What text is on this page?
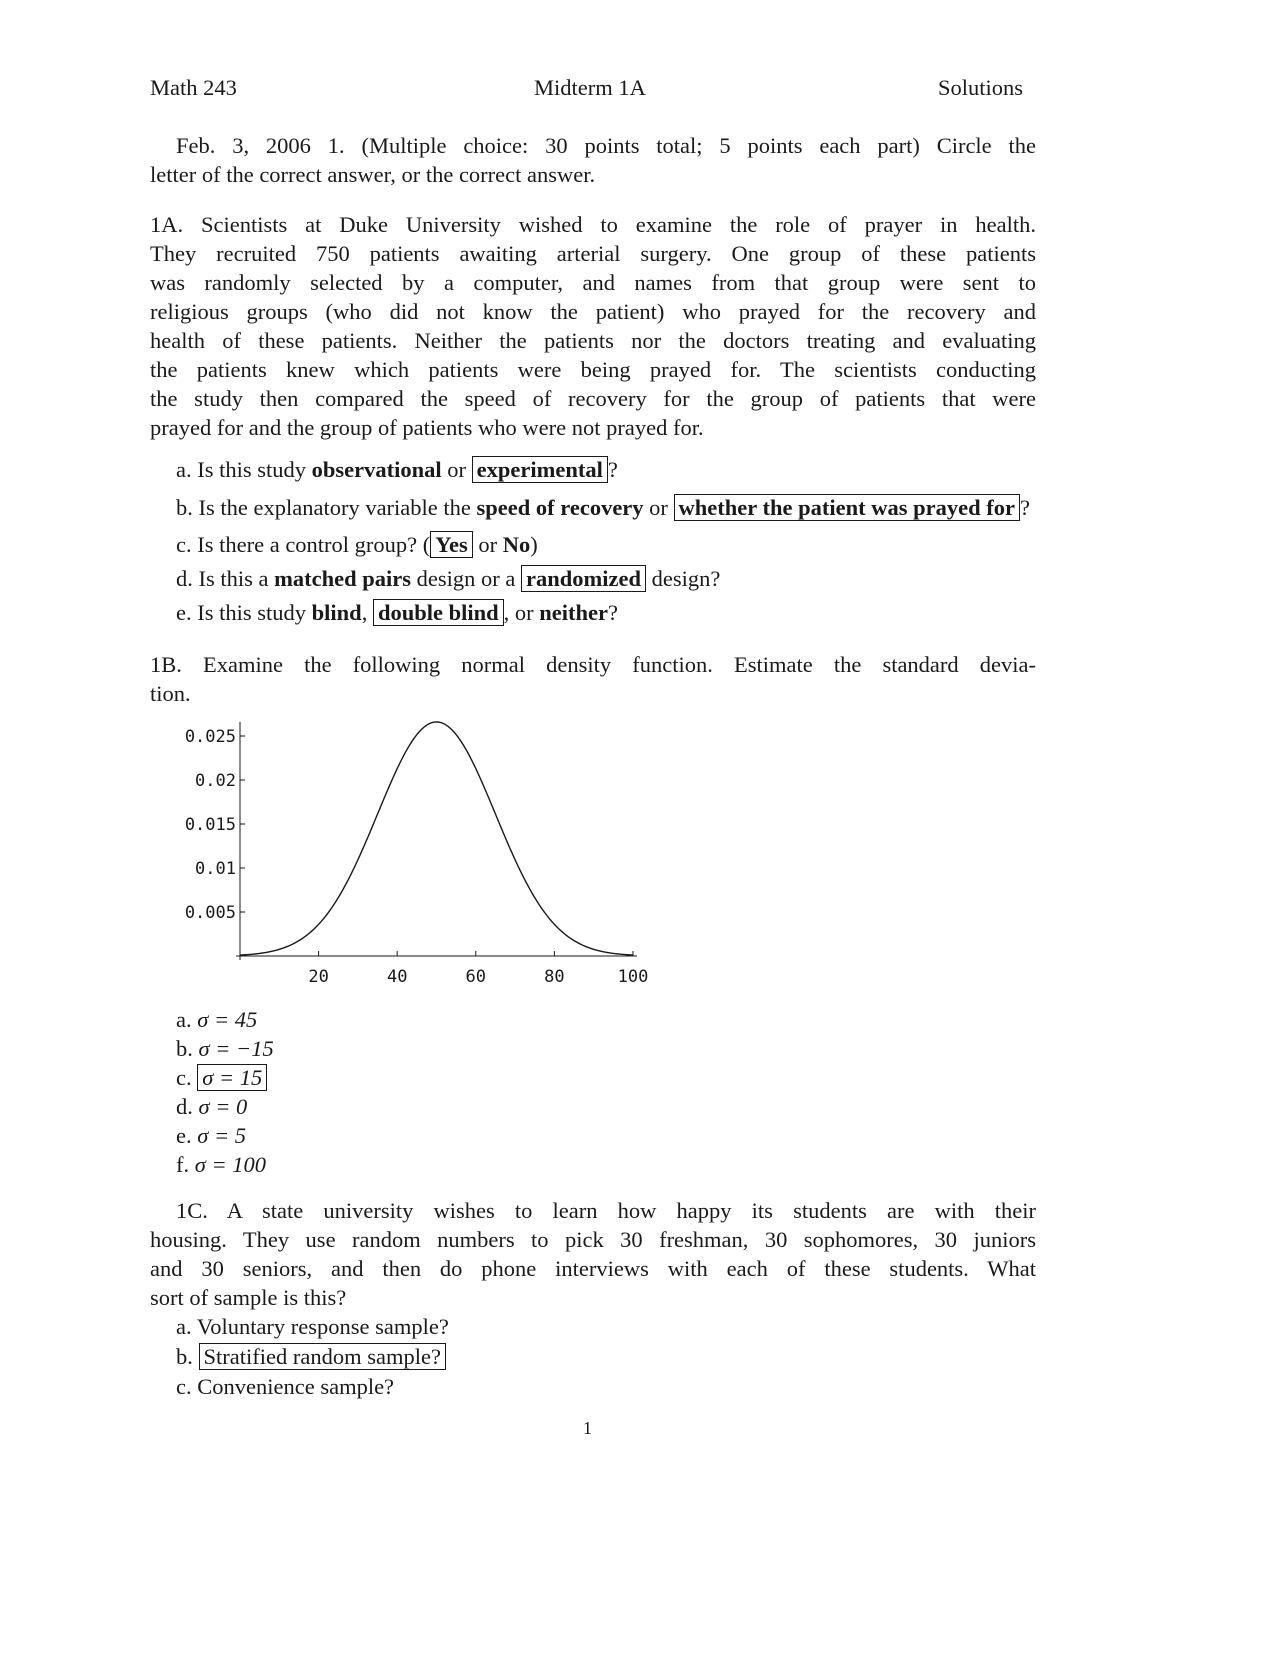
Math 243	Midterm 1A	Solutions
Feb. 3, 2006 1. (Multiple choice: 30 points total; 5 points each part) Circle the
letter of the correct answer, or the correct answer.
1A. Scientists at Duke University wished to examine the role of prayer in health.
They recruited 750 patients awaiting arterial surgery. One group of these patients
was randomly selected by a computer, and names from that group were sent to
religious groups (who did not know the patient) who prayed for the recovery and
health of these patients. Neither the patients nor the doctors treating and evaluating
the patients knew which patients were being prayed for. The scientists conducting
the study then compared the speed of recovery for the group of patients that were
prayed for and the group of patients who were not prayed for.
a. Is this study observational or experimental ?
b. Is the explanatory variable the speed of recovery or whether the patient was prayed for ?
c. Is there a control group? ( Yes or No)
d. Is this a matched pairs design or a randomized design?
e. Is this study blind, double blind , or neither?
1B. Examine the following normal density function. Estimate the standard devia-
tion.
0.005
0.01
0.015
0.02
0.025
20	40	60	80	100
a. σ = 45
b. σ = −15
c. σ = 15
d. σ = 0
e. σ = 5
f. σ = 100
1C. A state university wishes to learn how happy its students are with their
housing. They use random numbers to pick 30 freshman, 30 sophomores, 30 juniors
and 30 seniors, and then do phone interviews with each of these students. What
sort of sample is this?
a. Voluntary response sample?
b. Stratified random sample?
c. Convenience sample?
1
